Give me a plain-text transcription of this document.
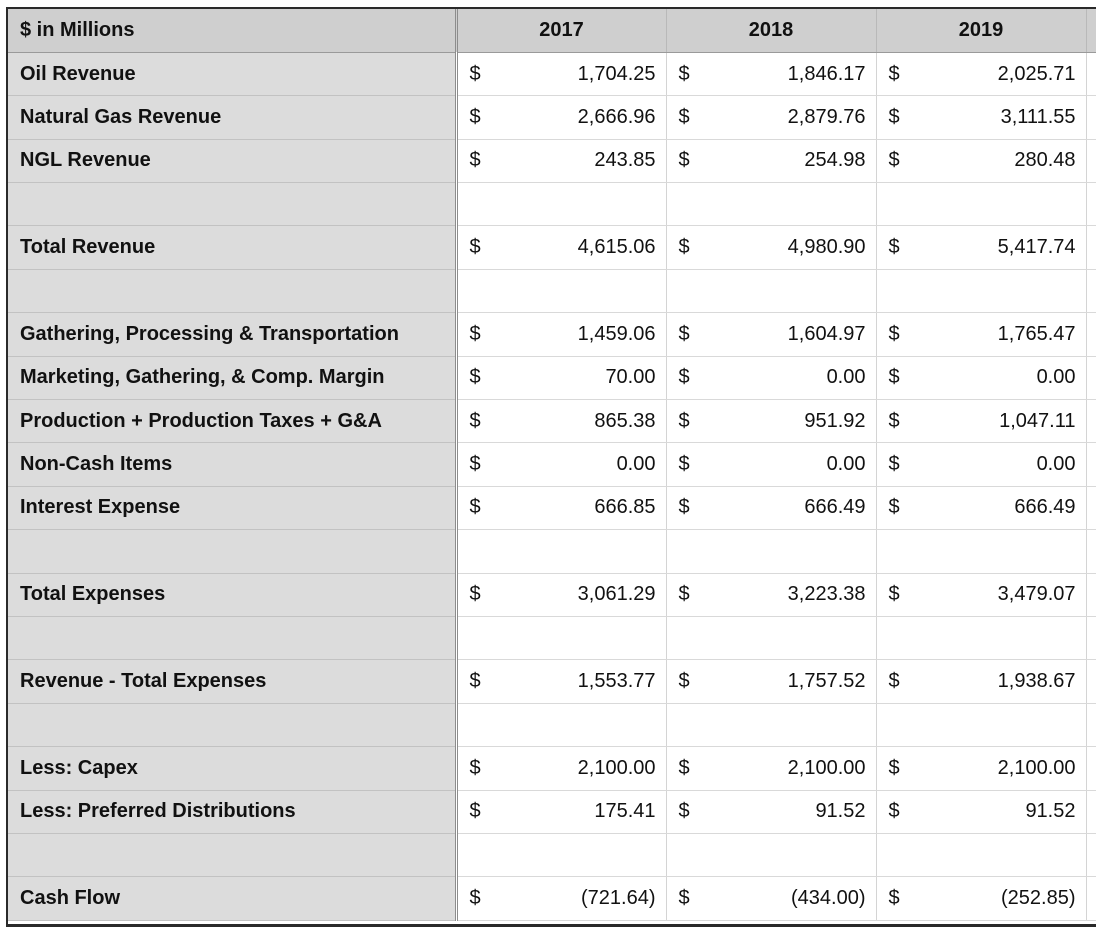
$ in Millions	2017	2018	2019	
Oil Revenue	$ 1,704.25	$ 1,846.17	$ 2,025.71	

Natural Gas Revenue	$ 2,666.96	$ 2,879.76	$ 3,111.55	

NGL Revenue	$ 243.85	$ 254.98	$ 280.48	

Total Revenue	$ 4,615.06	$ 4,980.90	$ 5,417.74	

Gathering, Processing & Transportation	$ 1,459.06	$ 1,604.97	$ 1,765.47	

Marketing, Gathering, & Comp. Margin	$ 70.00	$ 0.00	$ 0.00	

Production + Production Taxes + G&A	$ 865.38	$ 951.92	$ 1,047.11	

Non-Cash Items	$ 0.00	$ 0.00	$ 0.00	

Interest Expense	$ 666.85	$ 666.49	$ 666.49	

Total Expenses	$ 3,061.29	$ 3,223.38	$ 3,479.07	

Revenue - Total Expenses	$ 1,553.77	$ 1,757.52	$ 1,938.67	

Less: Capex	$ 2,100.00	$ 2,100.00	$ 2,100.00	

Less: Preferred Distributions	$ 175.41	$ 91.52	$ 91.52	

Cash Flow	$ (721.64)	$ (434.00)	$ (252.85)	
